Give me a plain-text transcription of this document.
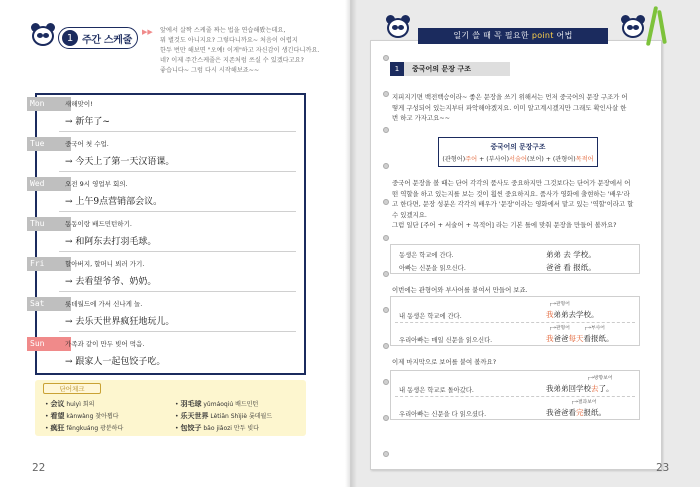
1 주간 스케줄
▶▶ 앞에서 살짝 스케줄 짜는 법을 연습해봤는데요,
뭐 별것도 아니지요? 그렇다니까요~ 처음이 어렵지
한두 번만 해보면 "오예! 이게"하고 자신감이 생긴다니까요.
네? 이제 주간스케줄은 지존처럼 쓰실 수 있겠다고요?
좋습니다~ 그럼 다시 시작해보죠~~
Mon	새해맞이!
→ 新年了~
Tue	중국어 첫 수업.
→ 今天上了第一天汉语课。
Wed	오전 9시 영업부 회의.
→ 上午9点营销部会议。
Thu	동동이랑 배드민턴하기.
→ 和阿东去打羽毛球。
Fri	할아버지, 할머니 뵈러 가기.
→ 去看望爷爷、奶奶。
Sat	롯데월드에 가서 신나게 놀.
→ 去乐天世界疯狂地玩儿。
Sun	가족과 같이 만두 빚어 먹음.
→ 跟家人一起包饺子吃。
단어체크
• 会议 huìyì 회의	• 羽毛球 yǔmáoqiú 배드민턴
• 看望 kànwàng 찾아뵙다	• 乐天世界 Lètiān Shìjiè 롯데월드
• 疯狂 fēngkuáng 광분하다	• 包饺子 bāo jiǎozi 만두 빚다
22
일기 쓸 때 꼭 필요한 point 어법
1	중국어의 문장 구조
지피지기면 백전백승이라~ 좋은 문장을 쓰기 위해서는 먼저 중국어의 문장 구조가 어
떻게 구성되어 있는지부터 파악해야겠지요. 이미 알고계시겠지만 그래도 확인사살 한
번 하고 가자고요~~
중국어의 문장구조
(관형어)주어 + (부사어)서술어(보어) + (관형어)목적어
중국어 문장을 볼 때는 단어 각각의 품사도 중요하지만 그것보다는 단어가 문장에서 어
떤 역할을 하고 있는지를 보는 것이 훨씬 중요하지요. 품사가 영화에 출현하는 '배우'라
고 한다면, 문장 성분은 각각의 배우가 '문장'이라는 영화에서 맡고 있는 '역할'이라고 할
수 있겠지요.
그럼 일단 [주어 + 서술어 + 목적어] 라는 기본 틀에 맞춰 문장을 만들어 볼까요?
동생은 학교에 간다.	弟弟 去 学校。
아빠는 신문을 읽으신다.	爸爸 看 报纸。
이번에는 관형어와 부사어를 붙여서 만들어 보죠.
┌→관형어
내 동생은 학교에 간다.	我弟弟去学校。
┌→관형어	┌→부사어
우리아빠는 매일 신문을 읽으신다.	我爸爸每天看报纸。
이제 마지막으로 보어를 붙여 볼까요?
┌→방향보어
내 동생은 학교로 돌아갔다.	我弟弟回学校去了。
┌→결과보어
우리아빠는 신문을 다 읽으셨다.	我爸爸看完报纸。
23
